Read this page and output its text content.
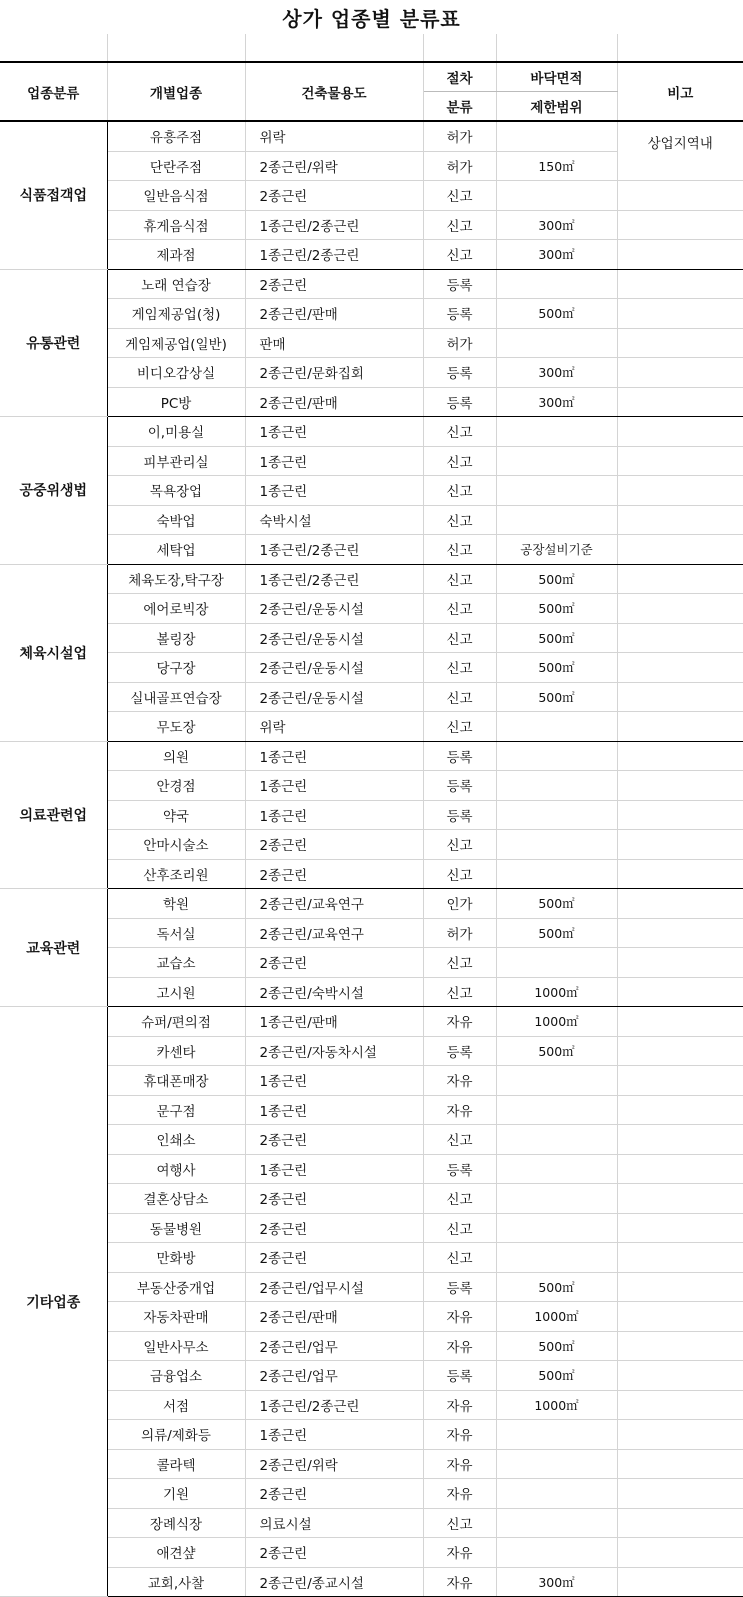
상가 업종별 분류표

업종분류	개별업종	건축물용도	절차	바닥면적	비고
			분류	제한범위	
식품접객업	유흥주점	위락	허가		상업지역내
	단란주점	2종근린/위락	허가	150㎡	
	일반음식점	2종근린	신고		
	휴게음식점	1종근린/2종근린	신고	300㎡	
	제과점	1종근린/2종근린	신고	300㎡	
유통관련	노래 연습장	2종근린	등록		
	게임제공업(청)	2종근린/판매	등록	500㎡	
	게임제공업(일반)	판매	허가		
	비디오감상실	2종근린/문화집회	등록	300㎡	
	PC방	2종근린/판매	등록	300㎡	
공중위생법	이,미용실	1종근린	신고		
	피부관리실	1종근린	신고		
	목욕장업	1종근린	신고		
	숙박업	숙박시설	신고		
	세탁업	1종근린/2종근린	신고	공장설비기준	
체육시설업	체육도장,탁구장	1종근린/2종근린	신고	500㎡	
	에어로빅장	2종근린/운동시설	신고	500㎡	
	볼링장	2종근린/운동시설	신고	500㎡	
	당구장	2종근린/운동시설	신고	500㎡	
	실내골프연습장	2종근린/운동시설	신고	500㎡	
	무도장	위락	신고		
의료관련업	의원	1종근린	등록		
	안경점	1종근린	등록		
	약국	1종근린	등록		
	안마시술소	2종근린	신고		
	산후조리원	2종근린	신고		
교육관련	학원	2종근린/교육연구	인가	500㎡	
	독서실	2종근린/교육연구	허가	500㎡	
	교습소	2종근린	신고		
	고시원	2종근린/숙박시설	신고	1000㎡	
기타업종	슈퍼/편의점	1종근린/판매	자유	1000㎡	
	카센타	2종근린/자동차시설	등록	500㎡	
	휴대폰매장	1종근린	자유		
	문구점	1종근린	자유		
	인쇄소	2종근린	신고		
	여행사	1종근린	등록		
	결혼상담소	2종근린	신고		
	동물병원	2종근린	신고		
	만화방	2종근린	신고		
	부동산중개업	2종근린/업무시설	등록	500㎡	
	자동차판매	2종근린/판매	자유	1000㎡	
	일반사무소	2종근린/업무	자유	500㎡	
	금융업소	2종근린/업무	등록	500㎡	
	서점	1종근린/2종근린	자유	1000㎡	
	의류/제화등	1종근린	자유		
	콜라텍	2종근린/위락	자유		
	기원	2종근린	자유		
	장례식장	의료시설	신고		
	애견샾	2종근린	자유		
	교회,사찰	2종근린/종교시설	자유	300㎡	
